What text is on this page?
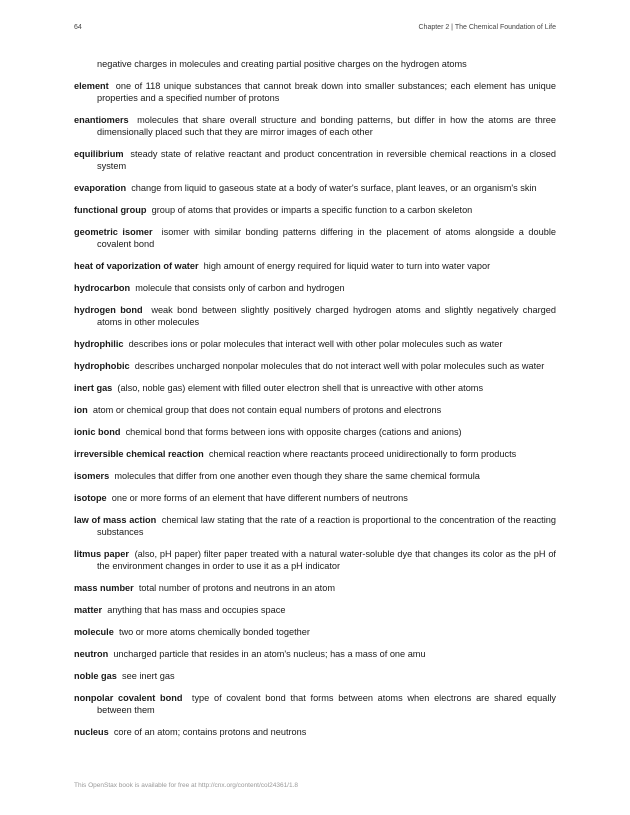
64	Chapter 2 | The Chemical Foundation of Life

negative charges in molecules and creating partial positive charges on the hydrogen atoms

element one of 118 unique substances that cannot break down into smaller substances; each element has unique properties and a specified number of protons

enantiomers molecules that share overall structure and bonding patterns, but differ in how the atoms are three dimensionally placed such that they are mirror images of each other

equilibrium steady state of relative reactant and product concentration in reversible chemical reactions in a closed system

evaporation change from liquid to gaseous state at a body of water's surface, plant leaves, or an organism's skin

functional group group of atoms that provides or imparts a specific function to a carbon skeleton

geometric isomer isomer with similar bonding patterns differing in the placement of atoms alongside a double covalent bond

heat of vaporization of water high amount of energy required for liquid water to turn into water vapor

hydrocarbon molecule that consists only of carbon and hydrogen

hydrogen bond weak bond between slightly positively charged hydrogen atoms and slightly negatively charged atoms in other molecules

hydrophilic describes ions or polar molecules that interact well with other polar molecules such as water

hydrophobic describes uncharged nonpolar molecules that do not interact well with polar molecules such as water

inert gas (also, noble gas) element with filled outer electron shell that is unreactive with other atoms

ion atom or chemical group that does not contain equal numbers of protons and electrons

ionic bond chemical bond that forms between ions with opposite charges (cations and anions)

irreversible chemical reaction chemical reaction where reactants proceed unidirectionally to form products

isomers molecules that differ from one another even though they share the same chemical formula

isotope one or more forms of an element that have different numbers of neutrons

law of mass action chemical law stating that the rate of a reaction is proportional to the concentration of the reacting substances

litmus paper (also, pH paper) filter paper treated with a natural water-soluble dye that changes its color as the pH of the environment changes in order to use it as a pH indicator

mass number total number of protons and neutrons in an atom

matter anything that has mass and occupies space

molecule two or more atoms chemically bonded together

neutron uncharged particle that resides in an atom's nucleus; has a mass of one amu

noble gas see inert gas

nonpolar covalent bond type of covalent bond that forms between atoms when electrons are shared equally between them

nucleus core of an atom; contains protons and neutrons

This OpenStax book is available for free at http://cnx.org/content/col24361/1.8
